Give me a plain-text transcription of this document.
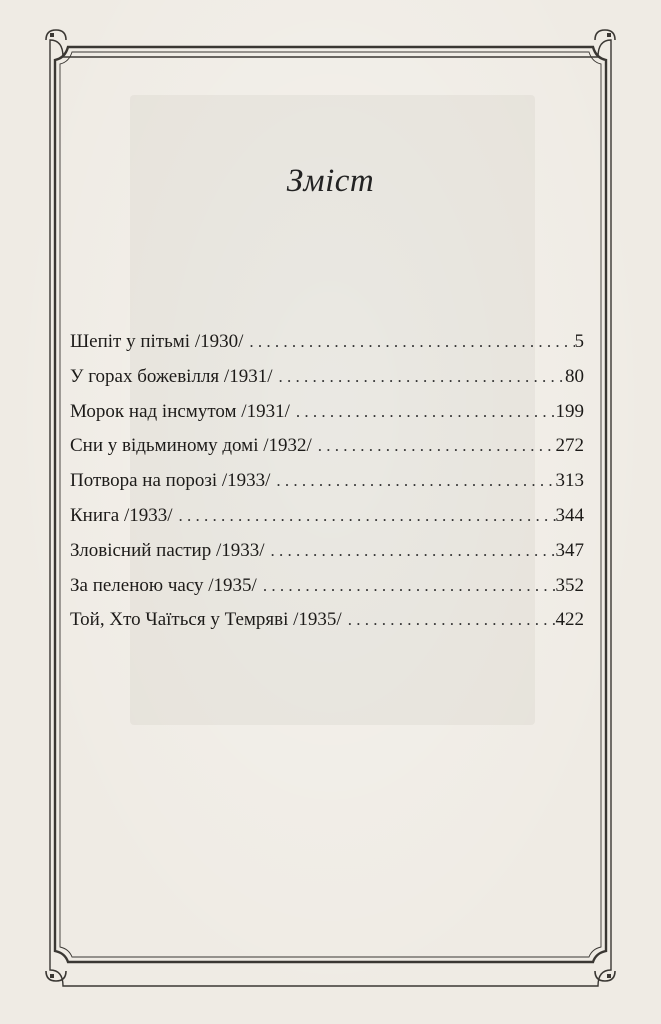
Зміст
Шепіт у пітьмі /1930/ . . .	5
У горах божевілля /1931/ . . .	80
Морок над інсмутом /1931/ . . .	199
Сни у відьминому домі /1932/ . . .	272
Потвора на порозі /1933/ . . .	313
Книга /1933/ . . .	344
Зловісний пастир /1933/ . . .	347
За пеленою часу /1935/ . . .	352
Той, Хто Чаїться у Темряві /1935/ . . .	422
